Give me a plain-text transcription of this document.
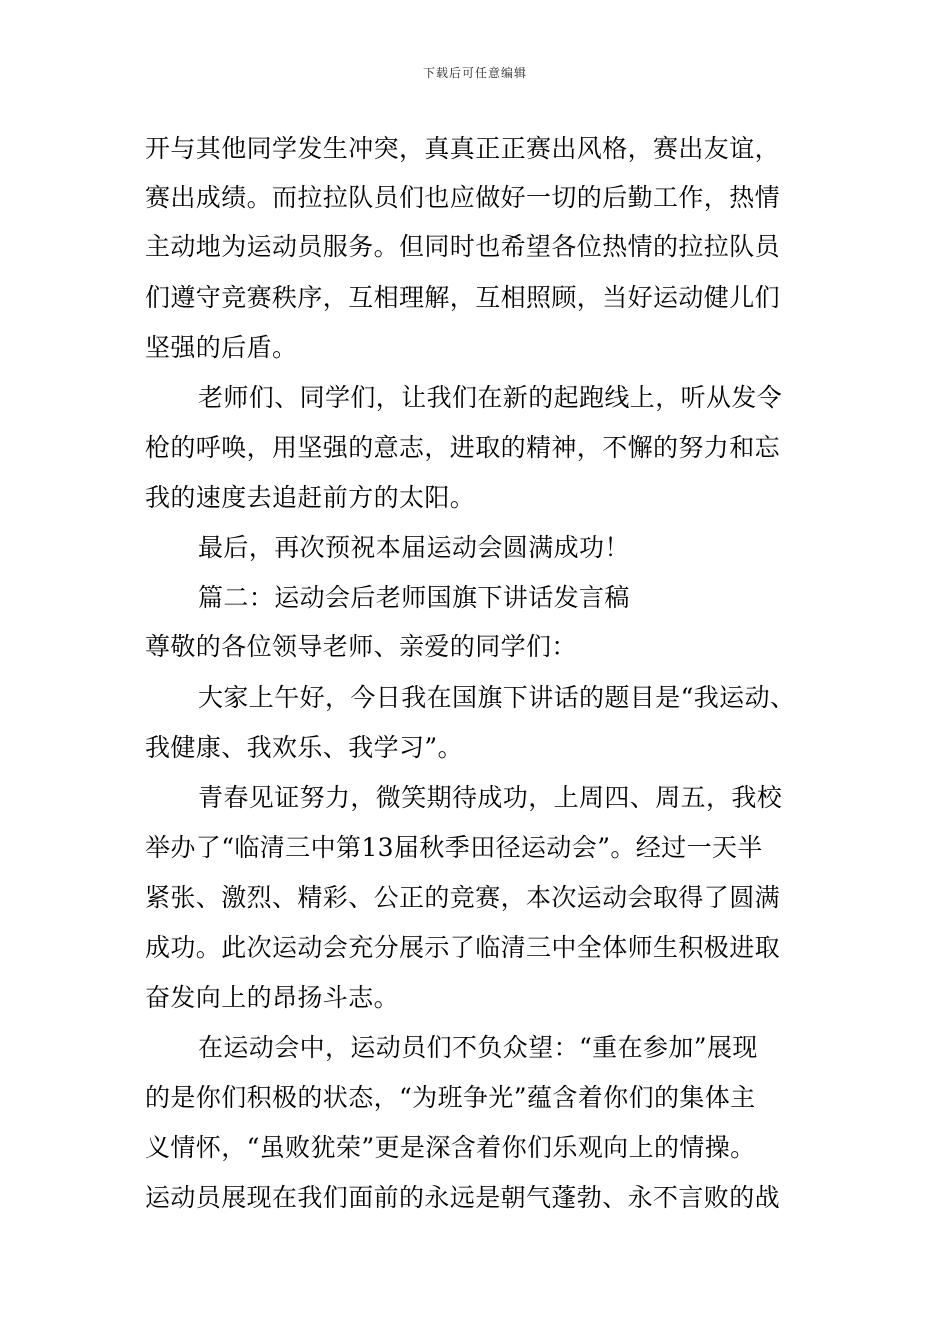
下载后可任意编辑
开与其他同学发生冲突，真真正正赛出风格，赛出友谊，
赛出成绩。而拉拉队员们也应做好一切的后勤工作，热情
主动地为运动员服务。但同时也希望各位热情的拉拉队员
们遵守竞赛秩序，互相理解，互相照顾，当好运动健儿们
坚强的后盾。
老师们、同学们，让我们在新的起跑线上，听从发令
枪的呼唤，用坚强的意志，进取的精神，不懈的努力和忘
我的速度去追赶前方的太阳。
最后，再次预祝本届运动会圆满成功！
篇二：运动会后老师国旗下讲话发言稿
尊敬的各位领导老师、亲爱的同学们：
大家上午好，今日我在国旗下讲话的题目是“我运动、
我健康、我欢乐、我学习”。
青春见证努力，微笑期待成功，上周四、周五，我校
举办了“临清三中第13届秋季田径运动会”。经过一天半
紧张、激烈、精彩、公正的竞赛，本次运动会取得了圆满
成功。此次运动会充分展示了临清三中全体师生积极进取
奋发向上的昂扬斗志。
在运动会中，运动员们不负众望：“重在参加”展现
的是你们积极的状态，“为班争光”蕴含着你们的集体主
义情怀，“虽败犹荣”更是深含着你们乐观向上的情操。
运动员展现在我们面前的永远是朝气蓬勃、永不言败的战
